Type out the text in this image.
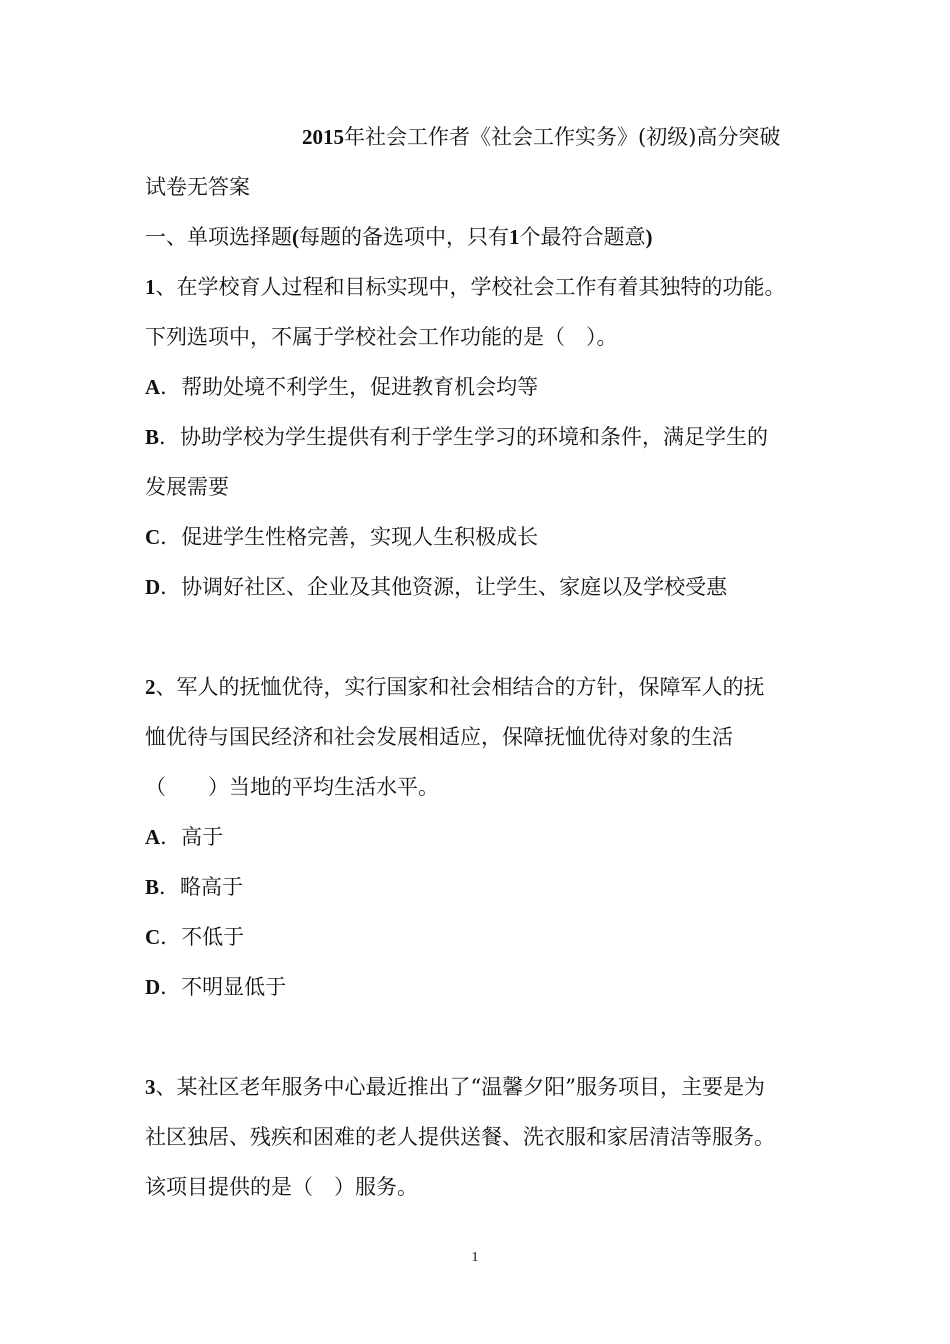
2015年社会工作者《社会工作实务》(初级)高分突破
试卷无答案
一、单项选择题(每题的备选项中，只有1个最符合题意)
1、在学校育人过程和目标实现中，学校社会工作有着其独特的功能。
下列选项中，不属于学校社会工作功能的是（　）。
A．帮助处境不利学生，促进教育机会均等
B．协助学校为学生提供有利于学生学习的环境和条件，满足学生的
发展需要
C．促进学生性格完善，实现人生积极成长
D．协调好社区、企业及其他资源，让学生、家庭以及学校受惠
2、军人的抚恤优待，实行国家和社会相结合的方针，保障军人的抚
恤优待与国民经济和社会发展相适应，保障抚恤优待对象的生活
（　　）当地的平均生活水平。
A．高于
B．略高于
C．不低于
D．不明显低于
3、某社区老年服务中心最近推出了“温馨夕阳”服务项目，主要是为
社区独居、残疾和困难的老人提供送餐、洗衣服和家居清洁等服务。
该项目提供的是（　）服务。
1
